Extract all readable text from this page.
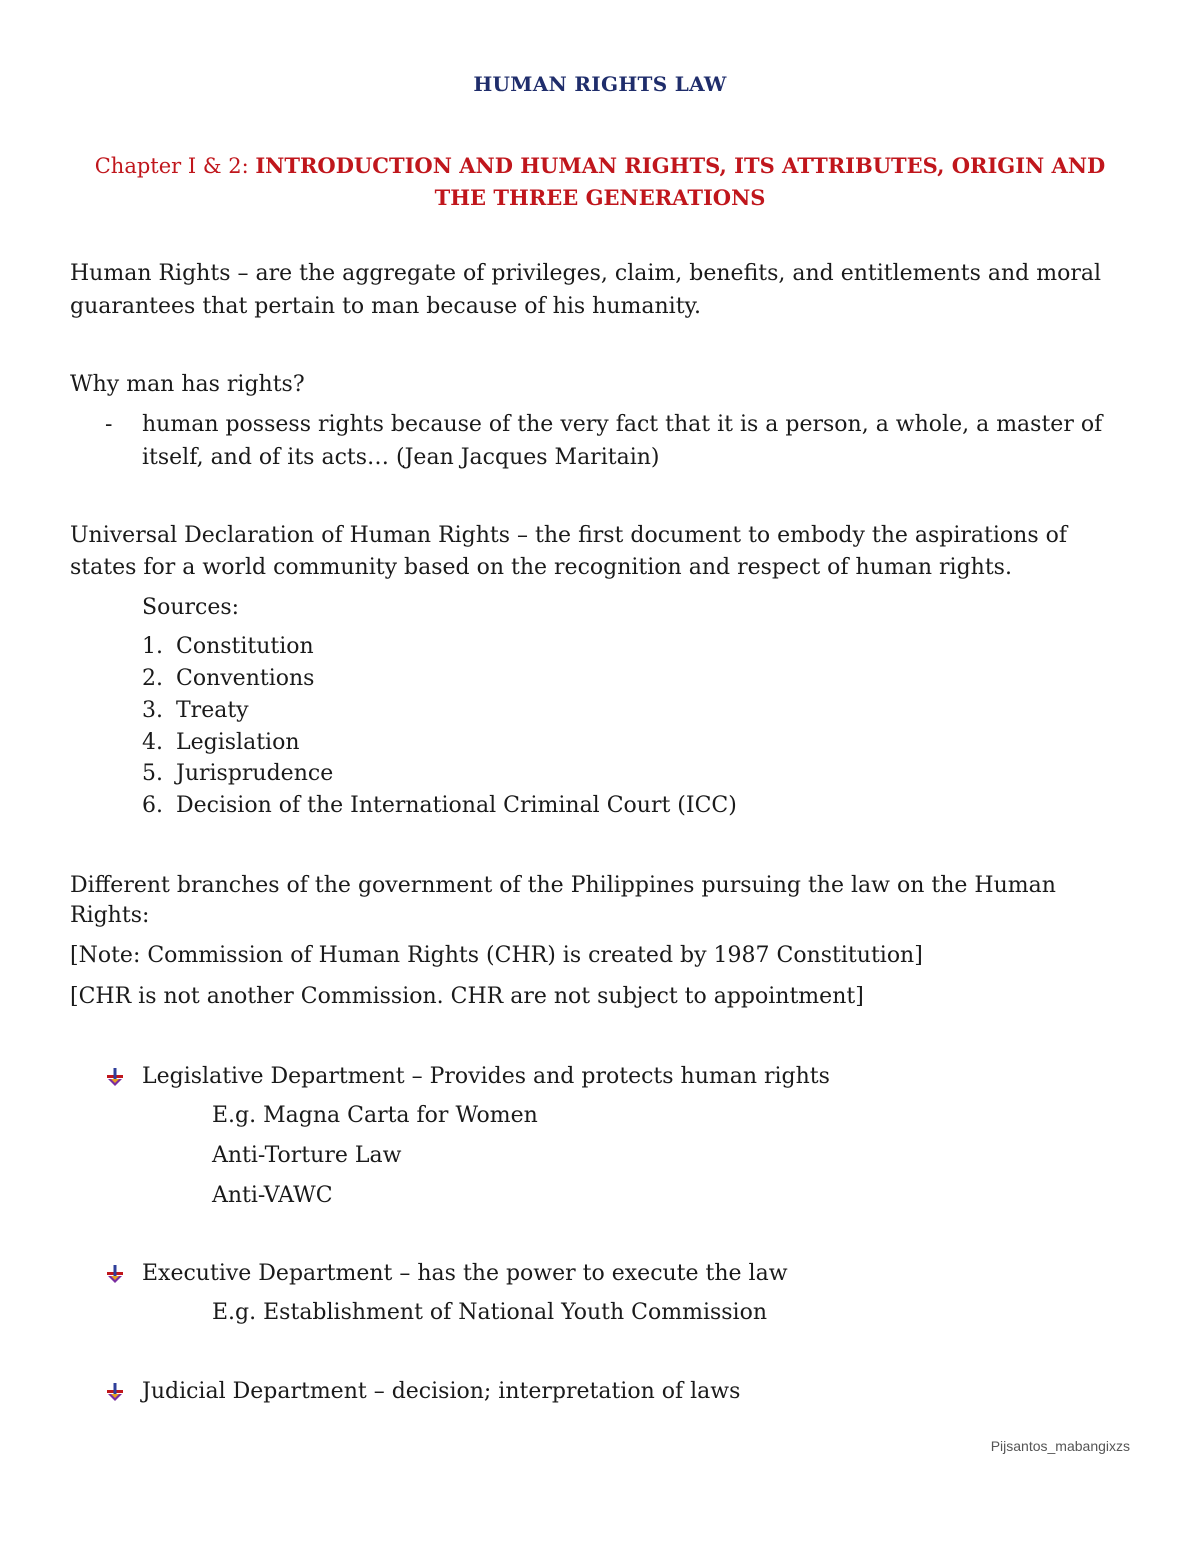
HUMAN RIGHTS LAW
Chapter I & 2: INTRODUCTION AND HUMAN RIGHTS, ITS ATTRIBUTES, ORIGIN AND
THE THREE GENERATIONS
Human Rights – are the aggregate of privileges, claim, benefits, and entitlements and moral
guarantees that pertain to man because of his humanity.
Why man has rights?
- human possess rights because of the very fact that it is a person, a whole, a master of
itself, and of its acts… (Jean Jacques Maritain)
Universal Declaration of Human Rights – the first document to embody the aspirations of
states for a world community based on the recognition and respect of human rights.
Sources:
1. Constitution
2. Conventions
3. Treaty
4. Legislation
5. Jurisprudence
6. Decision of the International Criminal Court (ICC)
Different branches of the government of the Philippines pursuing the law on the Human
Rights:
[Note: Commission of Human Rights (CHR) is created by 1987 Constitution]
[CHR is not another Commission. CHR are not subject to appointment]
Legislative Department – Provides and protects human rights
E.g. Magna Carta for Women
Anti-Torture Law
Anti-VAWC
Executive Department – has the power to execute the law
E.g. Establishment of National Youth Commission
Judicial Department – decision; interpretation of laws
Pijsantos_mabangixzs
